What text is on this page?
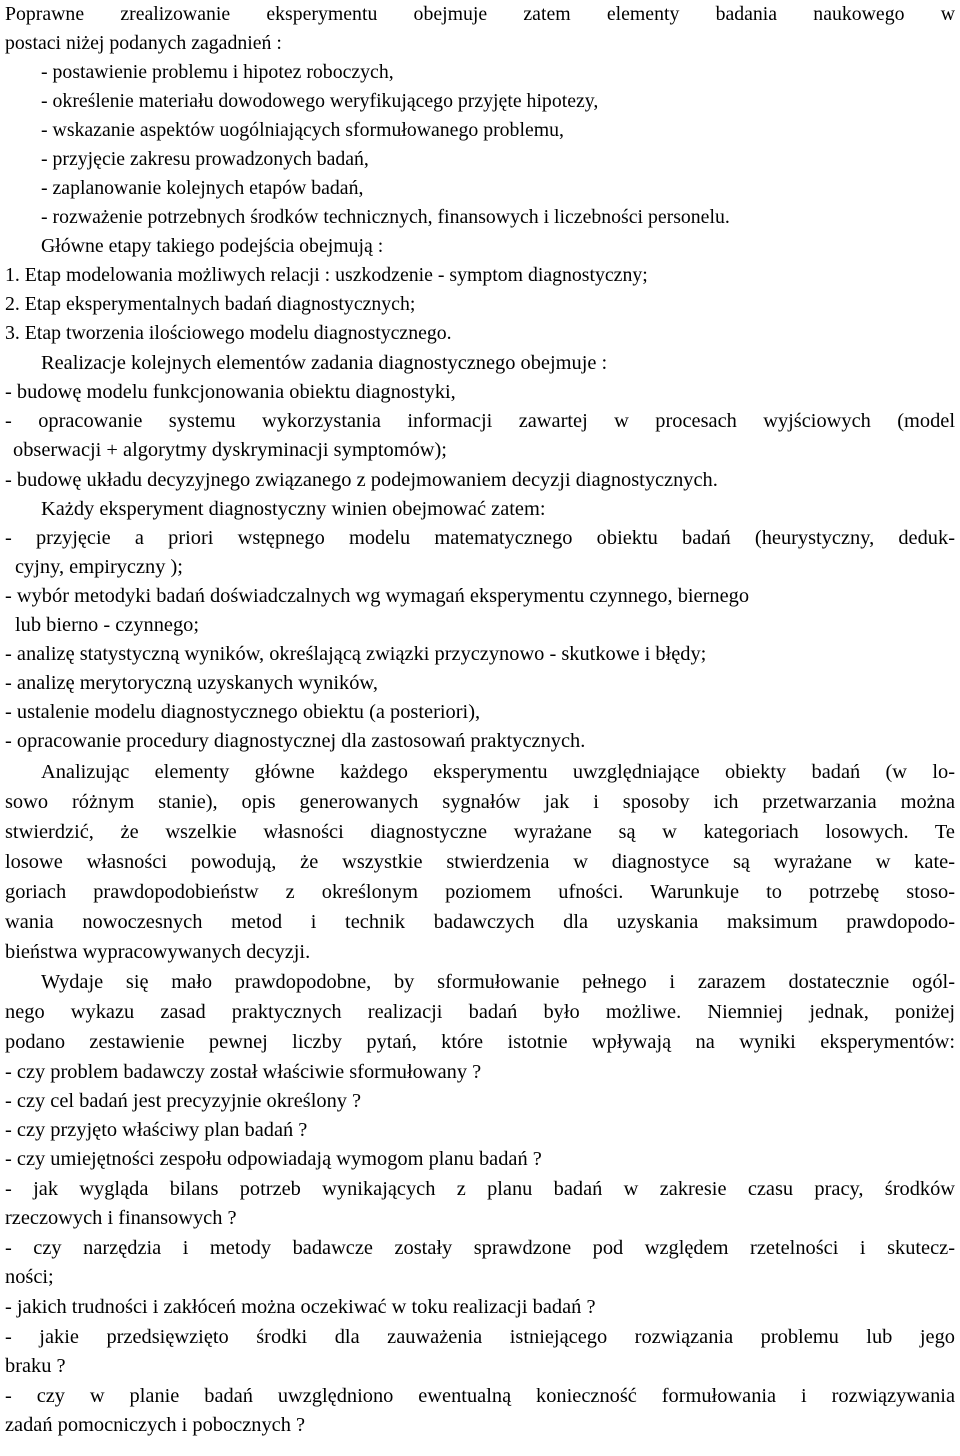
Poprawne zrealizowanie eksperymentu obejmuje zatem elementy badania naukowego w
postaci niżej podanych zagadnień :
- postawienie problemu i hipotez roboczych,
- określenie materiału dowodowego weryfikującego przyjęte hipotezy,
- wskazanie aspektów uogólniających sformułowanego problemu,
- przyjęcie zakresu prowadzonych badań,
- zaplanowanie kolejnych etapów badań,
- rozważenie potrzebnych środków technicznych, finansowych i liczebności personelu.
Główne etapy takiego podejścia obejmują :
1. Etap modelowania możliwych relacji : uszkodzenie - symptom diagnostyczny;
2. Etap eksperymentalnych badań diagnostycznych;
3. Etap tworzenia ilościowego modelu diagnostycznego.
Realizacje kolejnych elementów zadania diagnostycznego obejmuje :
- budowę modelu funkcjonowania obiektu diagnostyki,
- opracowanie systemu wykorzystania informacji zawartej w procesach wyjściowych (model
obserwacji + algorytmy dyskryminacji symptomów);
- budowę układu decyzyjnego związanego z podejmowaniem decyzji diagnostycznych.
Każdy eksperyment diagnostyczny winien obejmować zatem:
- przyjęcie a priori wstępnego modelu matematycznego obiektu badań (heurystyczny, deduk-
cyjny, empiryczny );
- wybór metodyki badań doświadczalnych wg wymagań eksperymentu czynnego, biernego
lub bierno - czynnego;
- analizę statystyczną wyników, określającą związki przyczynowo - skutkowe i błędy;
- analizę merytoryczną uzyskanych wyników,
- ustalenie modelu diagnostycznego obiektu (a posteriori),
- opracowanie procedury diagnostycznej dla zastosowań praktycznych.
Analizując elementy główne każdego eksperymentu uwzględniające obiekty badań (w lo-
sowo różnym stanie), opis generowanych sygnałów jak i sposoby ich przetwarzania można
stwierdzić, że wszelkie własności diagnostyczne wyrażane są w kategoriach losowych. Te
losowe własności powodują, że wszystkie stwierdzenia w diagnostyce są wyrażane w kate-
goriach prawdopodobieństw z określonym poziomem ufności. Warunkuje to potrzebę stoso-
wania nowoczesnych metod i technik badawczych dla uzyskania maksimum prawdopodo-
bieństwa wypracowywanych decyzji.
Wydaje się mało prawdopodobne, by sformułowanie pełnego i zarazem dostatecznie ogól-
nego wykazu zasad praktycznych realizacji badań było możliwe. Niemniej jednak, poniżej
podano zestawienie pewnej liczby pytań, które istotnie wpływają na wyniki eksperymentów:
- czy problem badawczy został właściwie sformułowany ?
- czy cel badań jest precyzyjnie określony ?
- czy przyjęto właściwy plan badań ?
- czy umiejętności zespołu odpowiadają wymogom planu badań ?
- jak wygląda bilans potrzeb wynikających z planu badań w zakresie czasu pracy, środków
rzeczowych i finansowych ?
- czy narzędzia i metody badawcze zostały sprawdzone pod względem rzetelności i skutecz-
ności;
- jakich trudności i zakłóceń można oczekiwać w toku realizacji badań ?
- jakie przedsięwzięto środki dla zauważenia istniejącego rozwiązania problemu lub jego
braku ?
- czy w planie badań uwzględniono ewentualną konieczność formułowania i rozwiązywania
zadań pomocniczych i pobocznych ?
